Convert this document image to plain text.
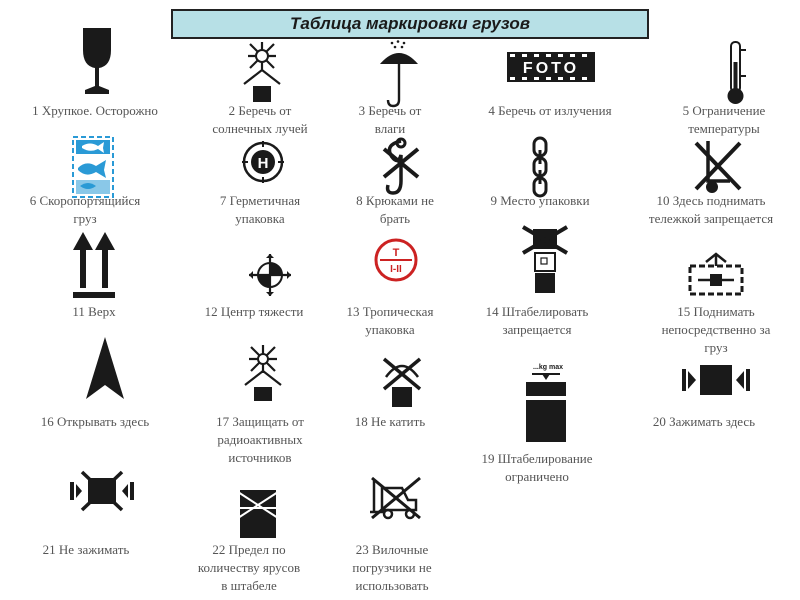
Таблица маркировки грузов
1 Хрупкое. Осторожно	2 Беречь от
солнечных лучей
3 Беречь от
влаги
FOTO
4 Беречь от излучения	5 Ограничение
температуры
6 Скоропортящийся
груз
H
7 Герметичная
упаковка
8 Крюками не
брать
9 Место упаковки	10 Здесь поднимать
тележкой запрещается
11 Верх	12 Центр тяжести
Т
I-II
13 Тропическая
упаковка
14 Штабелировать
запрещается
15 Поднимать
непосредственно за
груз
16 Открывать здесь	17 Защищать от
радиоактивных
источников
18 Не катить
...kg max
19 Штабелирование
ограничено
20 Зажимать здесь
21 Не зажимать	22 Предел по
количеству ярусов
в штабеле
23 Вилочные
погрузчики не
использовать
